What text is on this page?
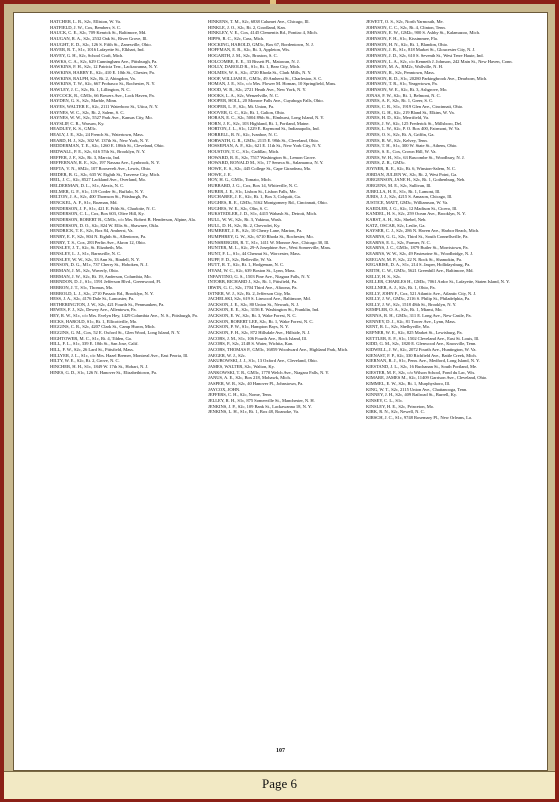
HATCHER, L. B., S2c, Elliston, W. Va.
HATFIELD, J. W., Cox, Bemberr, S. C.
HAUCK, C. E., S2c, 709 Kenrick St., Baltimore, Md.
HAUGAN, R. A., S2c, 2532 Oak St., River Grove, Ill.
HAUGHT, E. D., S2c, 126 S. Fifth St., Zanesville, Ohio.
HAVER, R. T., S1c, 1016 Lafayette St., Elkhart, Ind.
HAVEY, G. H., S2c, School Craft, Mich.
HAWKS, C. A., S2c, 629 Cunningham Ave., Pittsburgh, Pa.
HAWKINS, F. H., S2c, 12 Patricia Terr., Lackawanna, N. Y.
HAWKINS, HARRY E., S2c, 410 E. 10th St., Chester, Pa.
HAWKINS, RALPH, S2c, Rt. 2, Abingdon, Va.
HAWKINS, T. W., S2c, 667 Probasco St., Rochester, N. Y.
HAWLEY, J. C., S2c, Rt. 1, Lillington, N. C.
HAYCOCK, R., GM3c, 66 Bowers Ave., Lock Haven, Pa.
HAYDEN, G. S., S2c, Marble, Minn.
HAYES, WALTER E., S2c, 2111 Waterboro St., Utica, N. Y.
HAYNES, W. C., S2c, Rt. 2, Salem, S. C.
HAYNES, W. W., S2c, 5527 Park Ave., Kansas City, Mo.
HAYSLIP, C. R., Warsaw, Ky.
HEADLEY, K. S., GM3c.
HEALY, J. E., S2c, 24 French St., Watertown, Mass.
HEARD, H. J., S2c, 302 W. 137th St., New York, N. Y.
HEDDERMAN, T. E., S2c, 1260 E. 186th St., Cleveland, Ohio.
HEDWALL, P. E., S2c, 616 57th St., Brooklyn, N. Y.
HEFFER, J. F., S2c, Rt. 3, Marcia, Ind.
HEFFERNAN, R. E., S2c, 197 Nassau Ave., Lynbrook, N. Y.
HEFTA, V. N., SM2c, 107 Roosevelt Ave., Lewis, Ohio.
HEIDER, B. G., S2c, 635 W. Eighth St., Traverse City, Mich.
HEIL, J. C., S2c, 8527 Lackland Ave., Overland, Mo.
HELDERMAN, D. L., S1c, Alexis, N. C.
HELMER, G. F., S1c, 119 Corder St., Buffalo, N. Y.
HELTON, J. A., S2c, 400 Thomson St., Pittsburgh, Pa.
HENCKEL, A. F., S1c, Bozman, Md.
HENDERSON, J. F., S1c, 421 E. Fifth St., Charlotte, N. C.
HENDERSON, C. L., Cox, Box 603, Olive Hill, Ky.
HENDERSON, ROBERT B., GM3c, c/o Mrs. Robert B. Henderson, Alpine, Ala.
HENDERSON, D. O., S2c, 824 W. Ellis St., Shawnee, Okla.
HENDRICK, T. E., S2c, Box 84, Amherst, Va.
HENRY, E. F., S2c, 804 N. Eighth St., Allentown, Pa.
HENRY, T. S., Cox, 283 Perlin Ave., Akron 12, Ohio.
HENSLEY, J. T., S2c, St. Elizabeth, Mo.
HENSLEY, L. J., S1c, Barnsville, N. C.
HENSLEY, W. W., S2c, 33 Ann St., Rindell, N. Y.
HENSON, D. G., M1c, 737 Cherry St., Hoboken, N. J.
HERMAN, J. M., S2c, Waverly, Ohio.
HERMAN, J. W., S2c, Rt. 19, Anderson, Columbia, Mo.
HERNDON, D. J., S1c, 1591 Jefferson Blvd., Greenwood, Fl.
HERRON, J. T., S1c, Thomas, Mo.
HERROLD, L. J., S2c, 2710 Passaic Rd., Brooklyn, N. Y.
HESS, J. A., S2c, 4176 Dale St., Lancaster, Pa.
HETHERINGTON, J. W., S2c, 421 Fourth St., Pennsauken, Pa.
HEWES, F. J., S2c, Dewey Ave., Allentown, Pa.
HEY, R. W., S1c, c/o Mrs. Evelyn Hey, 1429 Columbia Ave., N. S., Pittsburgh, Pa.
HICKS, HAROLD, S1c, Rt. 1, Ellicottville, Mo.
HIGGINS, C. R., S2c, 4207 Clark St., Camp Huron, Mich.
HIGGINS, G. M., Cox, 52 E. Oxford St., Glen Wood, Long Island, N. Y.
HIGHTOWER, M. C., S1c, Rt. 4, Tilden, Ga.
HILL, F. L., S1c, 339 E. 10th St., San Jose, Calif.
HILL, F. W., S2c, 26 Lard St., Pittsfield, Mass.
HILLYER, J. L., S1c, c/o Mrs. Hazel Bremer, Montreal Ave., East Peoria, Ill.
HILTY, W. E., S2c, Rt. 2, Grove, N. C.
HINCHER, H. H., S1c, 1849 W. 17th St., Hobart, N. J.
HINES, G. D., S1c, 126 N. Hanover St., Elizabethtown, Pa.
HINKENS, T. M., S2c, 6838 Calumet Ave., Chicago, Ill.
HINKLE, J. O., S2c, Rt. 2, Goodland, Kan.
HINKLEY, V. E., Cox, 4145 Clementis Rd., Pontiac 4, Mich.
HIPPS, R. C., S2c, Cass, Mich.
HOCKING, HAROLD, GM3c, Box 67, Bordentown, N. J.
HOFFMAN, E. B., S2c, Rt. 3, Appleton, Wis.
HOGARTH, J. M., S2c, Braxton, S. C.
HOLCOMBE, E. E., 33 Bissett Pl., Matawan, N. J.
HOLLY, DAROLD R., S1c, Rt. 1, Bear City, Mich.
HOLMES, W. S., S2c, 4720 Rhoda St., Clark Mills, N. Y.
HOOF, WILLIAM E., GM3c, 49 Amherst St., Charleston, S. C.
HOMAN, J. E., S1c, c/o Mrs. Flower M. Homan, 10 Springfield, Mass.
HOOD, W. B., S2c, 2721 Heath Ave., New York, N. Y.
HOOKS, L. A., S2c, Wenzelville, N. C.
HOOPER, HOLL, 20 Monroe Falls Ave., Cuyahoga Falls, Ohio.
HOOPER, L. F., S2c, Mt. Union, Pa.
HOOVER, G. C., S2c, Rt. 1, Galion, Ohio.
HORAN, E. C., S2c, 5004 89th St., Elmhurst, Long Island, N. Y.
HORN, J. E., S2c, 103 Highland, Rt. 1, Portland, Maine.
HORTON, J. L., S1c, 1229 E. Raymond St., Indianapolis, Ind.
HORRELL, R. N., S2c, Ivanhoe, N. C.
HORWATH, G. R., GM3c, 2115 E. 98th St., Cleveland, Ohio.
HOSSEPIAN, A. F., S2c, 621 E. 11th St., New York City, N. Y.
HOUSTON, T. C., S1c, Cadillac, Mich.
HOWARD, R. E., S2c, 7517 Washington St., Lemon Grove.
HOWARD, RONALD M., S1c, 17 Seneca St., Salamanca, N. Y.
HOWE, E. S., S2c, 445 College St., Cape Girardeau, Mo.
HOWE, J. E.
HOY, H. G., GM3c, Tomato, Mich.
HUBBARD, J. G., Cox, Box 14, Whiteville, N. C.
HUBER, J. E., S1c, Lisbon St., Lisbon Falls, Me.
HUCHABEE, J. E., S2c, Rt. 1, Box 3, Colquitt, Ga.
HUGHES, R. E., GM3c, 5162 Montgomery Rd., Cincinnati, Ohio.
HUGHES, W. E., S2c, Olin, S. C.
HUKSTEDLER, J. D., S1c, 4415 Wabash St., Detroit, Mich.
HULL, W. W., S2c, Rt. 3, Yakima, Wash.
HULL, D. H., S2c, Rt. 2, Chevrolet, Ky.
HUMBERT, J. B., S2c, 10 Cherry Lane, Marion, Pa.
HUMPHREY, G. W., S2c, 6710 Rhoda St., Rochester, Mo.
HUNSBERGER, R. T., S1c, 1411 W. Monroe Ave., Chicago 30, Ill.
HUNTER, M. L., S2c, 29-A Josephine Ave., West Somerville, Mass.
HUNT, F. L., S1c, 44 Chesnut St., Worcester, Mass.
HUPP, F. D., S2c, Belleville, W. Va.
HUTT, R. T., S2c, Rt. 1, Hodgeman, N. C.
HYAM, W. C., S2c, 639 Boston St., Lynn, Mass.
INFANTINO, G. S., 1503 Pine Ave., Niagara Falls, N. Y.
INTORB, RICHARD J., S2c, Rt. 1, Pittsfield, Pa.
IRWIN, G. C., S2c, 1704 Third Ave., Altoona, Pa.
ISTNER, W. J., S2c, Rt. 2, Jefferson City, Mo.
JACHELSKI, S2c, 619 S. Linwood Ave., Baltimore, Md.
JACKSON, J. E., S2c, 80 Union St., Newark, N. J.
JACKSON, E. E., S2c, 3156 E. Washington St., Franklin, Ind.
JACKSON, E. W., S2c, Rt. 3, Wake Forest, N. C.
JACKSON, ROBERT LEE, S2c, Rt. 1, Wake Forest, N. C.
JACKSON, P. W., S1c, Hampton Bays, N. Y.
JACKSON, F. H., S2c, 872 Hillsdale Ave., Hillside, N. J.
JACOBS, J. M., S1c, 106 Fourth Ave., Rock Island, Ill.
JACOBS, P., S2c, 2148 S. Water, Wichita, Kan.
JACOBS, THOMAS P., GM3c, 16859 Woodward Ave., Highland Park, Mich.
JAEGER, W. J., S2c.
JAKUBOWSKI, J. J., S1c, 13 Oxford Ave., Cleveland, Ohio.
JAMES, WALTER, S2c, Walton, Ky.
JANKOWSKI, T. R., GM3c, 1770 Welch Ave., Niagara Falls, N. Y.
JANUS, A. E., S2c, Box 218, Mohawk, Mich.
JASPER, W. R., S2c, 40 Hanover Pl., Johnstown, Pa.
JAYCOX, JOHN.
JEFFERS, C. H., S2c, Nome, Tenn.
JELLEY, R. H., S1c, 875 Somerville St., Manchester, N. H.
JENKINS, J. P., S2c, 109 Bank St., Lackawanna 18, N. Y.
JENKINS, L. H., S1c, Rt. 1, Box 48, Roanoke, Va.
JEWETT, O. S., S2c, North Yarmouth, Me.
JOHNSON, C. C., S2c, Rt. 4, Clinton, Tenn.
JOHNSON, E. W., GM2c, 900 S. Ashby St., Kalamazoo, Mich.
JOHNSON, F. H., S1c, Kissimmee, Fla.
JOHNSON, H. N., S2c, Rt. 1, Blandon, Ohio.
JOHNSON, J. B., S1c, 818 Market St., Gloucester City, N. J.
JOHNSON, J. D., S2c, 610 S. Seventh St., West Terre Haute, Ind.
JOHNSON, L. A., S2c, c/o Kenneth J. Johnson, 242 Main St., New Haven, Conn.
JOHNSON, M. A., RM2c, Wallville, N. H.
JOHNSON, R., S2c, Penntown, Mass.
JOHNSON, R. D., S1c, 20280 Parkingbrook Ave., Dearborn, Mich.
JOHNSON, T. R., S1c, Yeagertown, Pa.
JOHNSON, W. E., S2c, Rt. 3, Ashgrove, Mo.
JONAS, F. W., S2c, Rt. 1, Belmont, N. C.
JONES, A. F., S2c, Rt. 1, Greer, S. C.
JONES, C. R., S1c, 1919 Glen Ave., Cincinnati, Ohio.
JONES, G. H., S2c, 219 Bland St., Elkins, W. Va.
JONES, H. D., S2c, Merrifield, Va.
JONES, J. W., S2c, 125 Frederick St., Millsboro, Del.
JONES, L. W., S2c, P. O. Box 400, Fairmont, W. Va.
JONES, O. S., S2c, Rt. A, Griffin, Ga.
JONES, R. W., S2c, Kelvey, Tenn.
JONES, T. H., S1c, 300 W. State St., Athens, Ohio.
JONES, S. E., Cox, Crown Hill, W. Va.
JONES, W. H., S1c, 63 Bascombe St., Woodbury, N. J.
JONES, Z. R., GM3c.
JOYNER, R. E., S2c, Rt. 6, Winston-Salem, N. C.
JORDAN, JULIEN W., S2c, Rt. 2, West Point, Ga.
JORGENSON, JANE H., S2c, Rt. 1, Gothenburg, Neb.
JORGENS, M. E., S2c, Sullivan, Ill.
JUBELLA, H. E., S1c, Rt. 1, Lamont, Ill.
JURIS, J. J., S2c, 4215 S. Amazon, Chicago, Ill.
JUSTICE, MATT, GM3c, Williamson, W. Va.
KAEDLER, J. G., S2c, 12 Madison St., Cicero, Ill.
KANDEL, H. S., S2c, 259 Ocean Ave., Brooklyn, N. Y.
KARST, A. H., S2c, Shebel, Neb.
KATZ, OSCAR, S2c, Leslie, Ga.
KAYSER, C. J., S2c, 286 N. Haven Ave., Harbor Beach, Mich.
KEARNS, G. G., S2c, Third St., South Connellsville, Pa.
KEARNS, E. L., S2c, Farmer, N. C.
KEARNS, J. C., GM3c, 1879 Butler St., Morristown, Pa.
KEARNS, W. W., S2c, 49 Pasteurine St., Woodbridge, N. J.
KEEGAN, M. P., S2c, 22 N. Rock St., Shamokin, Pa.
KEGARISE, D. A., S1c, 214 S. Jasper, Hollidaysburg, Pa.
KEITH, C. W., GM3c, 5621 Greenhill Ave., Baltimore, Md.
KELLY, H. S., S2c.
KELLER, CHARLES H., GM3c, 7061 Ardor St., Lafayette, Staten Island, N. Y.
KELLNER, A. J., S2c, Rt. 1, Ohio, Pa.
KELLY, JOHN F., Cox, 521 Atlantic Ave., Atlantic City, N. J.
KELLY, J. W., GM3c, 2116 S. Philip St., Philadelphia, Pa.
KELLY, J. W., S2c, 1518 48th St., Brooklyn, N. Y.
KEMPLER, O. A., S2c, Rt. 1, Miami, Mo.
KENNA, R. H., GM3c, 311 E. Long Ave., New Castle, Pa.
KENNEY, D. J., S2c, 81 Tower Ave., Lynn, Mass.
KENT, R. L., S2c, Shelbyville, Mo.
KEPNER, W. E., S2c, 825 Market St., Lewisburg, Pa.
KETTLER, E. F., S1c, 1502 Cleveland Ave., East St. Louis, Ill.
KIDD, G. M., S2c, 1820 E. Glenwood Ave., Knoxville, Tenn.
KIDWELL, J. W., S2c, 2072 Fourth Ave., Huntington, W. Va.
KIENAST, F. P., S2c, 330 Richfield Ave., Battle Creek, Mich.
KIERNAN, R. J., S1c, Penn. Ave., Medford, Long Island, N. Y.
KIESTAND, J. L., S2c, 16 Buchanan St., South Portland, Me.
KIESTER, M. F., S2c, c/o Wilson School, Fond du Lac, Wis.
KIMARE, JAMES M., S2c, 11409 Garrison Ave., Cleveland, Ohio.
KIMMEL, E. W., S2c, Rt. 1, Murphysboro, Ill.
KING, W. T., S2c, 2115 Union Ave., Chattanooga, Tenn.
KINNEY, J. H., S2c, 409 Railroad St., Burrell, Ky.
KINSEY, C. L., S1c.
KINSLEY, H. E., S2c, Princeton, Mo.
KIRK, R. N., S2c, Newell, N. C.
KIRSCH, J. C., S1c, 9748 Rosemary Pl., New Orleans, La.
107
Page 6
